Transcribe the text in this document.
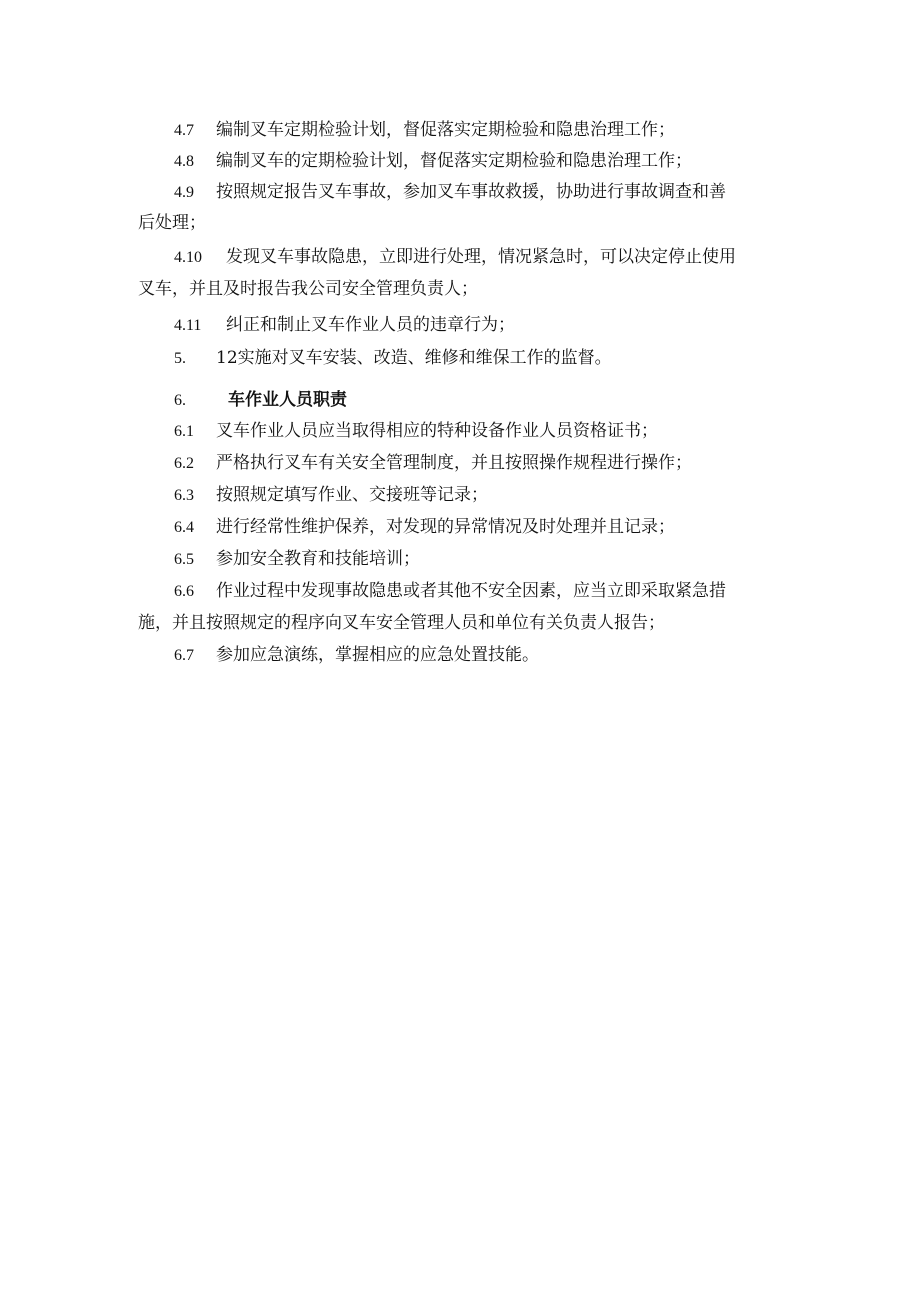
4.7 编制叉车定期检验计划，督促落实定期检验和隐患治理工作；
4.8 编制叉车的定期检验计划，督促落实定期检验和隐患治理工作；
4.9 按照规定报告叉车事故，参加叉车事故救援，协助进行事故调查和善
后处理；
4.10 发现叉车事故隐患，立即进行处理，情况紧急时，可以决定停止使用
叉车，并且及时报告我公司安全管理负责人；
4.11 纠正和制止叉车作业人员的违章行为；
5. 12实施对叉车安装、改造、维修和维保工作的监督。
6. 车作业人员职责
6.1 叉车作业人员应当取得相应的特种设备作业人员资格证书；
6.2 严格执行叉车有关安全管理制度，并且按照操作规程进行操作；
6.3 按照规定填写作业、交接班等记录；
6.4 进行经常性维护保养，对发现的异常情况及时处理并且记录；
6.5 参加安全教育和技能培训；
6.6 作业过程中发现事故隐患或者其他不安全因素，应当立即采取紧急措
施，并且按照规定的程序向叉车安全管理人员和单位有关负责人报告；
6.7 参加应急演练，掌握相应的应急处置技能。
